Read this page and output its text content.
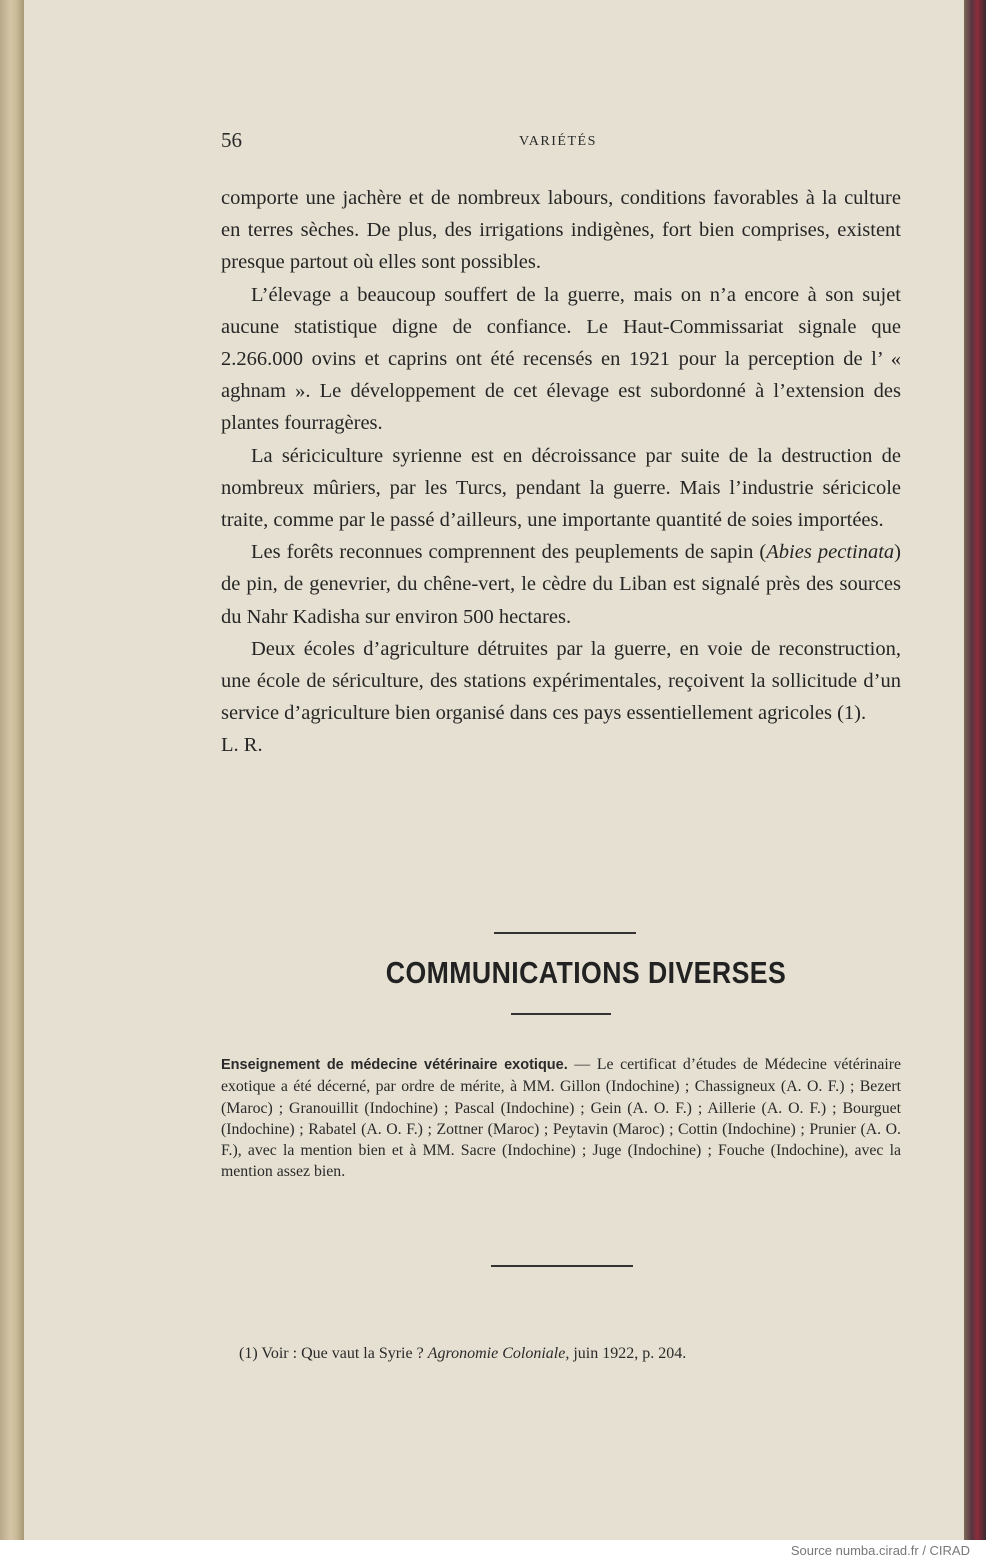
56	VARIÉTÉS

comporte une jachère et de nombreux labours, conditions favorables à la culture en terres sèches. De plus, des irrigations indigènes, fort bien comprises, existent presque partout où elles sont possibles.

L’élevage a beaucoup souffert de la guerre, mais on n’a encore à son sujet aucune statistique digne de confiance. Le Haut-Commissariat signale que 2.266.000 ovins et caprins ont été recensés en 1921 pour la perception de l’ « aghnam ». Le développement de cet élevage est subordonné à l’extension des plantes fourragères.

La sériciculture syrienne est en décroissance par suite de la destruction de nombreux mûriers, par les Turcs, pendant la guerre. Mais l’industrie séricicole traite, comme par le passé d’ailleurs, une importante quantité de soies importées.

Les forêts reconnues comprennent des peuplements de sapin (Abies pectinata) de pin, de genevrier, du chêne-vert, le cèdre du Liban est signalé près des sources du Nahr Kadisha sur environ 500 hectares.

Deux écoles d’agriculture détruites par la guerre, en voie de reconstruction, une école de sériculture, des stations expérimentales, reçoivent la sollicitude d’un service d’agriculture bien organisé dans ces pays essentiellement agricoles (1).

L. R.

COMMUNICATIONS DIVERSES

Enseignement de médecine vétérinaire exotique. — Le certificat d’études de Médecine vétérinaire exotique a été décerné, par ordre de mérite, à MM. Gillon (Indochine) ; Chassigneux (A. O. F.) ; Bezert (Maroc) ; Granouillit (Indochine) ; Pascal (Indochine) ; Gein (A. O. F.) ; Aillerie (A. O. F.) ; Bourguet (Indochine) ; Rabatel (A. O. F.) ; Zottner (Maroc) ; Peytavin (Maroc) ; Cottin (Indochine) ; Prunier (A. O. F.), avec la mention bien et à MM. Sacre (Indochine) ; Juge (Indochine) ; Fouche (Indochine), avec la mention assez bien.

(1) Voir : Que vaut la Syrie ? Agronomie Coloniale, juin 1922, p. 204.
Source numba.cirad.fr / CIRAD
